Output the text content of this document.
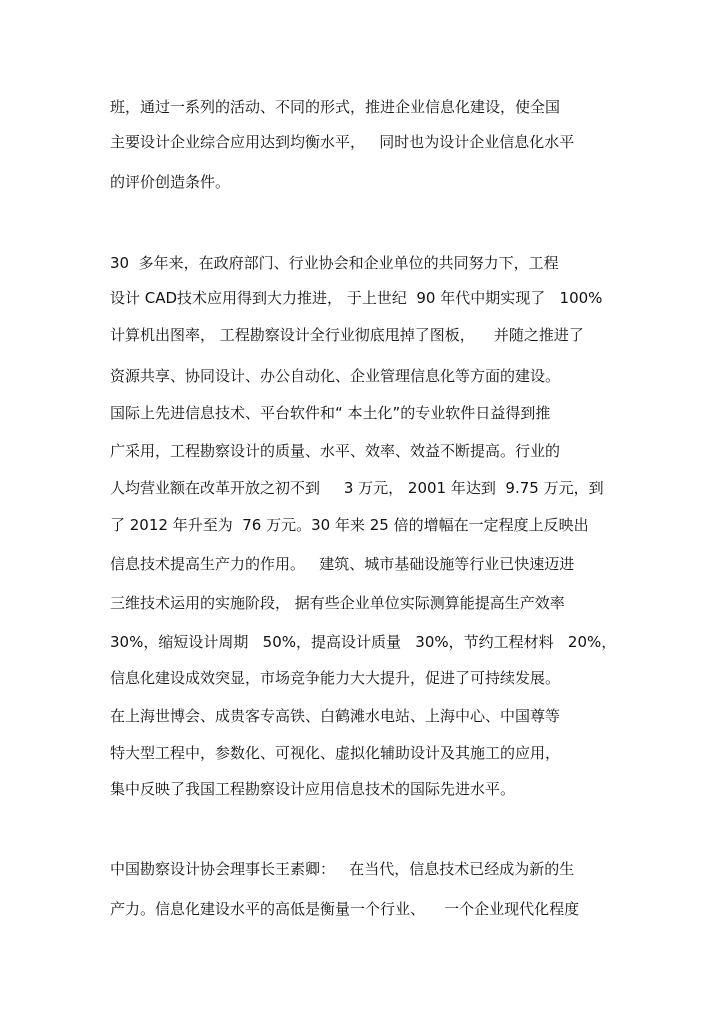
班，通过一系列的活动、不同的形式，推进企业信息化建设，使全国
主要设计企业综合应用达到均衡水平，   同时也为设计企业信息化水平
的评价创造条件。
30  多年来，在政府部门、行业协会和企业单位的共同努力下，工程
设计 CAD技术应用得到大力推进， 于上世纪  90 年代中期实现了   100%
计算机出图率， 工程勘察设计全行业彻底甩掉了图板，    并随之推进了
资源共享、协同设计、办公自动化、企业管理信息化等方面的建设。
国际上先进信息技术、平台软件和“ 本土化”的专业软件日益得到推
广采用，工程勘察设计的质量、水平、效率、效益不断提高。行业的
人均营业额在改革开放之初不到     3 万元， 2001 年达到  9.75 万元，到
了 2012 年升至为  76 万元。30 年来 25 倍的增幅在一定程度上反映出
信息技术提高生产力的作用。   建筑、城市基础设施等行业已快速迈进
三维技术运用的实施阶段， 据有些企业单位实际测算能提高生产效率
30%，缩短设计周期   50%，提高设计质量   30%，节约工程材料   20%，
信息化建设成效突显，市场竞争能力大大提升，促进了可持续发展。
在上海世博会、成贵客专高铁、白鹤滩水电站、上海中心、中国尊等
特大型工程中，参数化、可视化、虚拟化辅助设计及其施工的应用，
集中反映了我国工程勘察设计应用信息技术的国际先进水平。
中国勘察设计协会理事长王素卿：   在当代，信息技术已经成为新的生
产力。信息化建设水平的高低是衡量一个行业、    一个企业现代化程度
